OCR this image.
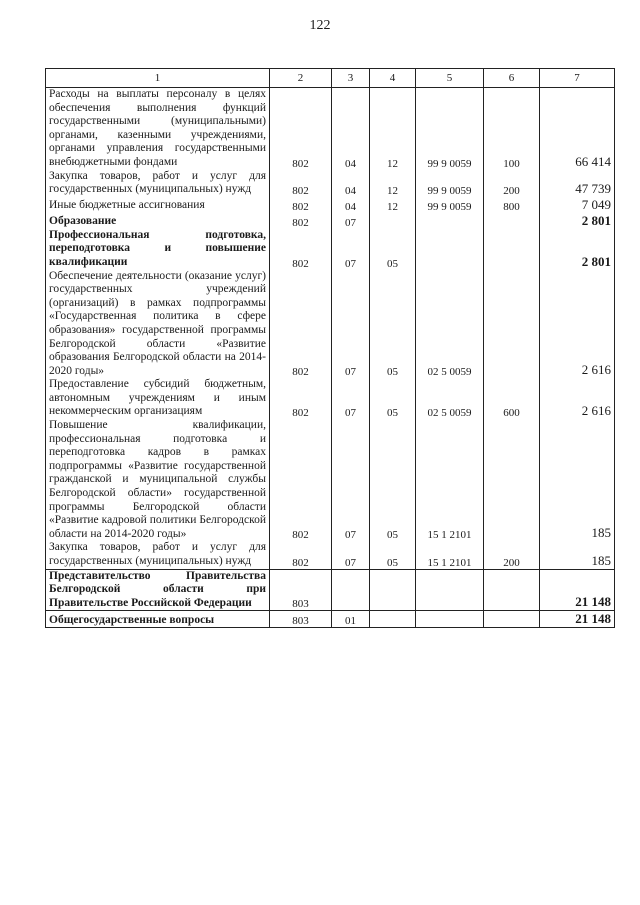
122
1	2	3	4	5	6	7
Расходы на выплаты персоналу в целях обеспечения выполнения функций государственными (муниципальными) органами, казенными учреждениями, органами управления государственными внебюджетными фондами	802	04	12	99 9 0059	100	66 414
Закупка товаров, работ и услуг для государственных (муниципальных) нужд	802	04	12	99 9 0059	200	47 739
Иные бюджетные ассигнования	802	04	12	99 9 0059	800	7 049
Образование	802	07				2 801
Профессиональная подготовка, переподготовка и повышение квалификации	802	07	05			2 801
Обеспечение деятельности (оказание услуг) государственных учреждений (организаций) в рамках подпрограммы «Государственная политика в сфере образования» государственной программы Белгородской области «Развитие образования Белгородской области на 2014-2020 годы»	802	07	05	02 5 0059		2 616
Предоставление субсидий бюджетным, автономным учреждениям и иным некоммерческим организациям	802	07	05	02 5 0059	600	2 616
Повышение квалификации, профессиональная подготовка и переподготовка кадров в рамках подпрограммы «Развитие государственной гражданской и муниципальной службы Белгородской области» государственной программы Белгородской области «Развитие кадровой политики Белгородской области на 2014-2020 годы»	802	07	05	15 1 2101		185
Закупка товаров, работ и услуг для государственных (муниципальных) нужд	802	07	05	15 1 2101	200	185
Представительство Правительства Белгородской области при Правительстве Российской Федерации	803					21 148
Общегосударственные вопросы	803	01				21 148
